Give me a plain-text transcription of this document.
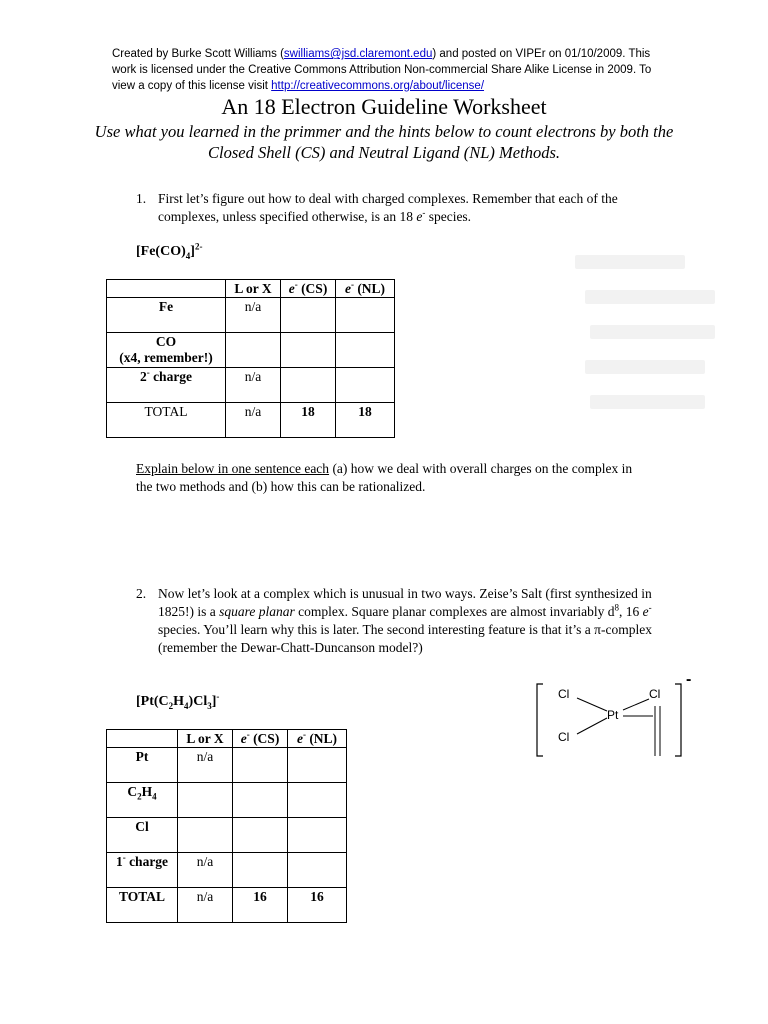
Created by Burke Scott Williams (swilliams@jsd.claremont.edu) and posted on VIPEr on 01/10/2009. This work is licensed under the Creative Commons Attribution Non-commercial Share Alike License in 2009. To view a copy of this license visit http://creativecommons.org/about/license/
An 18 Electron Guideline Worksheet
Use what you learned in the primmer and the hints below to count electrons by both the Closed Shell (CS) and Neutral Ligand (NL) Methods.
1. First let’s figure out how to deal with charged complexes. Remember that each of the complexes, unless specified otherwise, is an 18 e- species.
$[Fe(CO)_4]^{2-}$
	L or X	e- (CS)	e- (NL)
Fe	n/a		
CO
(x4, remember!)			
2- charge	n/a		
TOTAL	n/a	18	18
Explain below in one sentence each (a) how we deal with overall charges on the complex in the two methods and (b) how this can be rationalized.
2. Now let’s look at a complex which is unusual in two ways. Zeise’s Salt (first synthesized in 1825!) is a square planar complex. Square planar complexes are almost invariably $d^8$, 16 e- species. You’ll learn why this is later. The second interesting feature is that it’s a π-complex (remember the Dewar-Chatt-Duncanson model?)
$[Pt(C_2H_4)Cl_3]^-$
	L or X	e- (CS)	e- (NL)
Pt	n/a		
$C_2H_4$			
Cl			
1- charge	n/a		
TOTAL	n/a	16	16
Cl	Cl
Cl
Pt
-
